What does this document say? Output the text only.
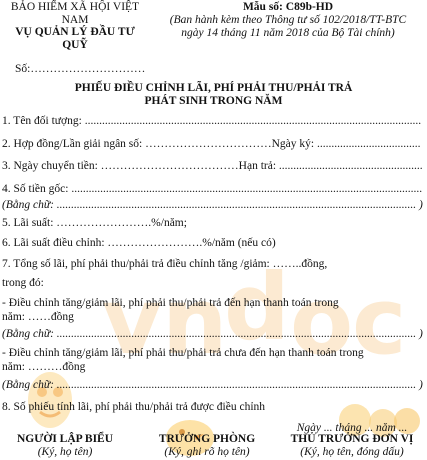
v n
d o
c
BẢO HIỂM XÃ HỘI VIỆT
NAM
VỤ QUẢN LÝ ĐẦU TƯ
QUỸ
Mẫu số: C89b-HD
(Ban hành kèm theo Thông tư số 102/2018/TT-BTC
ngày 14 tháng 11 năm 2018 của Bộ Tài chính)
Số:…………………………
PHIẾU ĐIỀU CHỈNH LÃI, PHÍ PHẢI THU/PHẢI TRẢ
PHÁT SINH TRONG NĂM
1. Tên đối tượng: .....................................................................................................................
2. Hợp đồng/Lần giải ngân số: ……………………………Ngày ký: ....................................
3. Ngày chuyển tiền: ………………………………Hạn trả: ..................................................
4. Số tiền gốc: ..........................................................................................................................
(Bằng chữ: ............................................................................................................................. )
5. Lãi suất: …………………….%/năm;
6. Lãi suất điều chỉnh: …………………….%/năm (nếu có)
7. Tổng số lãi, phí phải thu/phải trả điều chỉnh tăng /giảm: ……..đồng,
trong đó:
- Điều chỉnh tăng/giảm lãi, phí phải thu/phải trả đến hạn thanh toán trong
năm: ……đồng
(Bằng chữ: ............................................................................................................................. )
- Điều chỉnh tăng/giảm lãi, phí phải thu/phải trả chưa đến hạn thanh toán trong
năm: ………đồng
(Bằng chữ: ............................................................................................................................. )
8. Số phiếu tính lãi, phí phải thu/phải trả được điều chỉnh
Ngày ... tháng ... năm ...
NGƯỜI LẬP BIỂU
(Ký, họ tên)
TRƯỞNG PHÒNG
(Ký, ghi rõ họ tên)
THỦ TRƯỞNG ĐƠN VỊ
(Ký, họ tên, đóng dấu)
